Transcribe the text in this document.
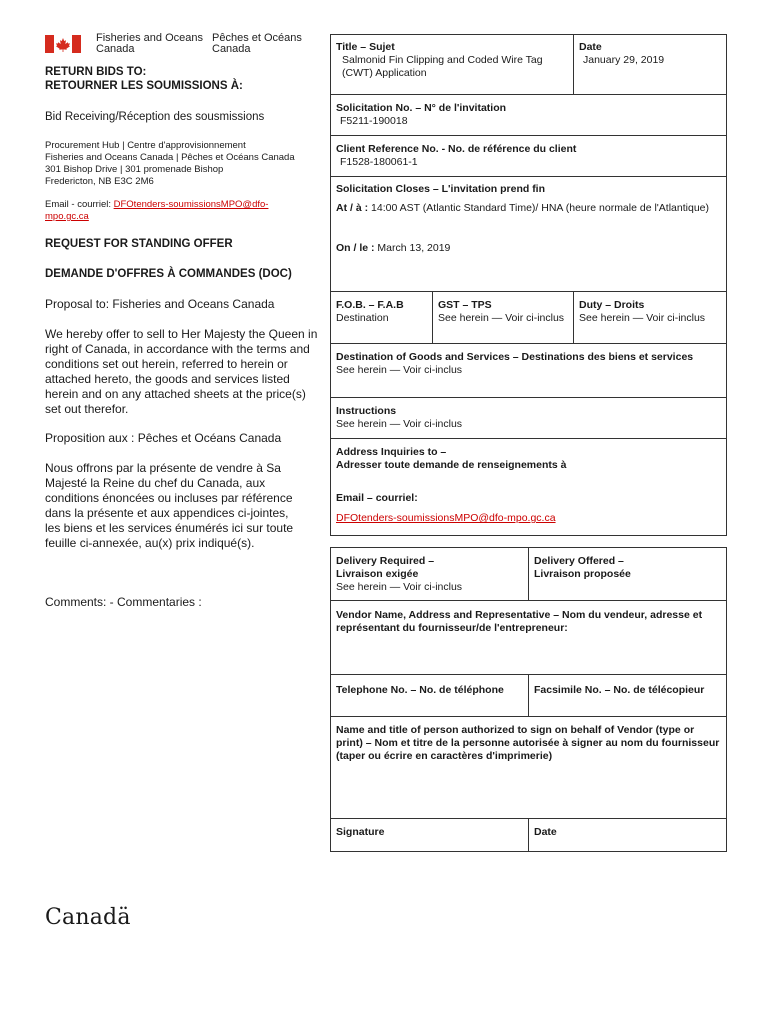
Fisheries and Oceans
Canada
Pêches et Océans
Canada
RETURN BIDS TO:
RETOURNER LES SOUMISSIONS À:
Bid Receiving/Réception des sousmissions
Procurement Hub | Centre d'approvisionnement
Fisheries and Oceans Canada | Pêches et Océans Canada
301 Bishop Drive | 301 promenade Bishop
Fredericton, NB E3C 2M6
Email - courriel: DFOtenders-soumissionsMPO@dfo-
mpo.gc.ca
REQUEST FOR STANDING OFFER
DEMANDE D'OFFRES À COMMANDES (DOC)
Proposal to: Fisheries and Oceans Canada
We hereby offer to sell to Her Majesty the Queen in right of Canada, in accordance with the terms and conditions set out herein, referred to herein or attached hereto, the goods and services listed herein and on any attached sheets at the price(s) set out therefor.
Proposition aux : Pêches et Océans Canada
Nous offrons par la présente de vendre à Sa Majesté la Reine du chef du Canada, aux conditions énoncées ou incluses par référence dans la présente et aux appendices ci-jointes, les biens et les services énumérés ici sur toute feuille ci-annexée, au(x) prix indiqué(s).
Comments: - Commentaries :
Title – Sujet
Salmonid Fin Clipping and Coded Wire Tag (CWT) Application
Date
January 29, 2019
Solicitation No. – N° de l'invitation
F5211-190018
Client Reference No. - No. de référence du client
F1528-180061-1
Solicitation Closes – L'invitation prend fin
At / à : 14:00 AST (Atlantic Standard Time)/ HNA (heure normale de l'Atlantique)
On / le : March 13, 2019
F.O.B. – F.A.B
Destination
GST – TPS
See herein — Voir ci-inclus
Duty – Droits
See herein — Voir ci-inclus
Destination of Goods and Services – Destinations des biens et services
See herein — Voir ci-inclus
Instructions
See herein — Voir ci-inclus
Address Inquiries to –
Adresser toute demande de renseignements à
Email – courriel:
DFOtenders-soumissionsMPO@dfo-mpo.gc.ca
Delivery Required –
Livraison exigée
See herein — Voir ci-inclus
Delivery Offered –
Livraison proposée
Vendor Name, Address and Representative – Nom du vendeur, adresse et représentant du fournisseur/de l'entrepreneur:
Telephone No. – No. de téléphone	Facsimile No. – No. de télécopieur
Name and title of person authorized to sign on behalf of Vendor (type or print) – Nom et titre de la personne autorisée à signer au nom du fournisseur (taper ou écrire en caractères d'imprimerie)
Signature	Date
Canadä
